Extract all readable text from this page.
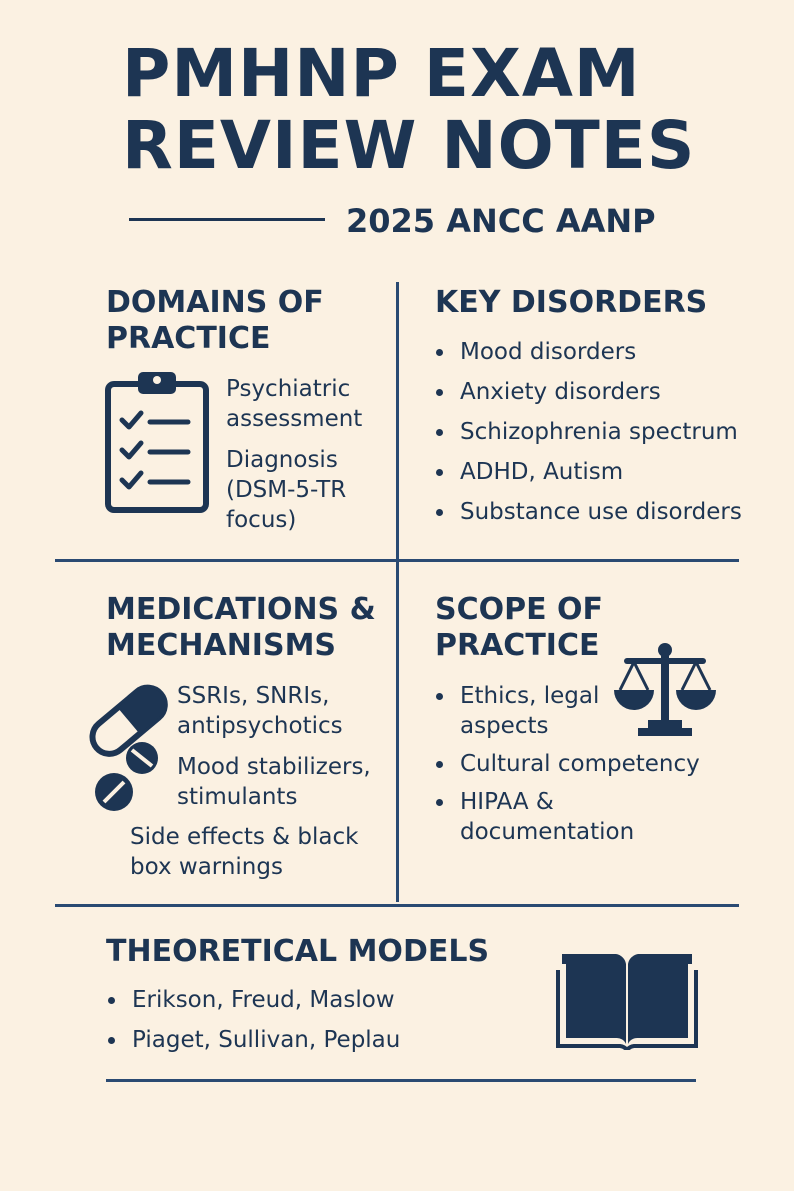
PMHNP EXAM
REVIEW NOTES
2025 ANCC AANP
DOMAINS OF
PRACTICE
Psychiatric assessment
Diagnosis (DSM-5-TR focus)
KEY DISORDERS
Mood disorders
Anxiety disorders
Schizophrenia spectrum
ADHD, Autism
Substance use disorders
MEDICATIONS &
MECHANISMS
SSRIs, SNRIs, antipsychotics
Mood stabilizers, stimulants
Side effects & black box warnings
SCOPE OF
PRACTICE
Ethics, legal aspects
Cultural competency
HIPAA & documentation
THEORETICAL MODELS
Erikson, Freud, Maslow
Piaget, Sullivan, Peplau
